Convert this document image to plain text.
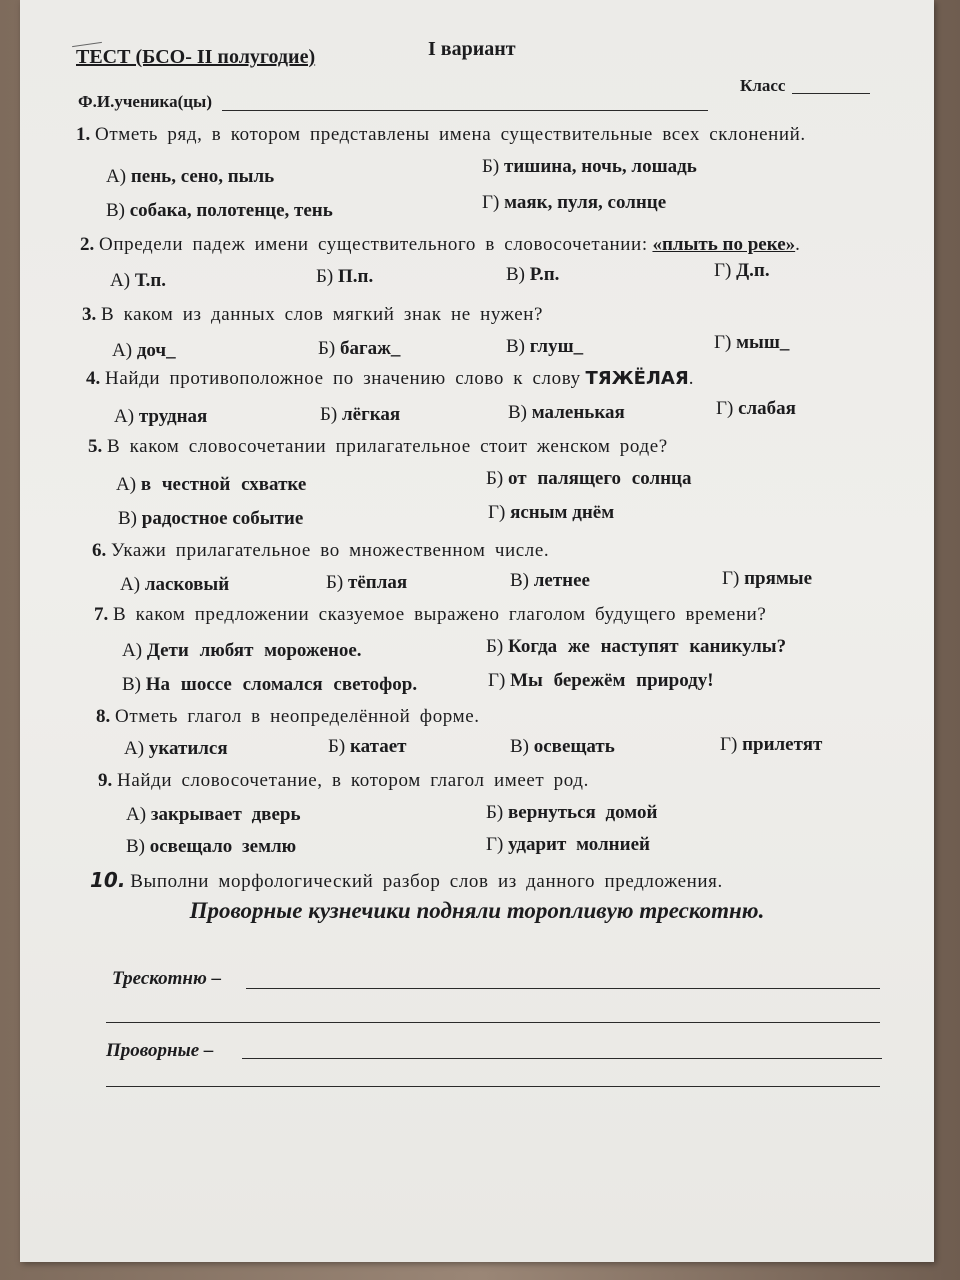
ТЕСТ (БСО- II полугодие)	I вариант
Ф.И.ученика(цы)
Класс
1. Отметь ряд, в котором представлены имена существительные всех склонений.
А) пень, сено, пыль	Б) тишина, ночь, лошадь
В) собака, полотенце, тень	Г) маяк, пуля, солнце
2. Определи падеж имени существительного в словосочетании: «плыть по реке».
А) Т.п.	Б) П.п.	В) Р.п.	Г) Д.п.
3. В каком из данных слов мягкий знак не нужен?
А) доч_	Б) багаж_	В) глуш_	Г) мыш_
4. Найди противоположное по значению слово к слову ТЯЖЁЛАЯ.
А) трудная	Б) лёгкая	В) маленькая	Г) слабая
5. В каком словосочетании прилагательное стоит женском роде?
А) в честной схватке	Б) от палящего солнца
В) радостное событие	Г) ясным днём
6. Укажи прилагательное во множественном числе.
А) ласковый	Б) тёплая	В) летнее	Г) прямые
7. В каком предложении сказуемое выражено глаголом будущего времени?
А) Дети любят мороженое.	Б) Когда же наступят каникулы?
В) На шоссе сломался светофор.	Г) Мы бережём природу!
8. Отметь глагол в неопределённой форме.
А) укатился	Б) катает	В) освещать	Г) прилетят
9. Найди словосочетание, в котором глагол имеет род.
А) закрывает дверь	Б) вернуться домой
В) освещало землю	Г) ударит молнией
10. Выполни морфологический разбор слов из данного предложения.
Проворные кузнечики подняли торопливую трескотню.
Трескотню –
Проворные –
